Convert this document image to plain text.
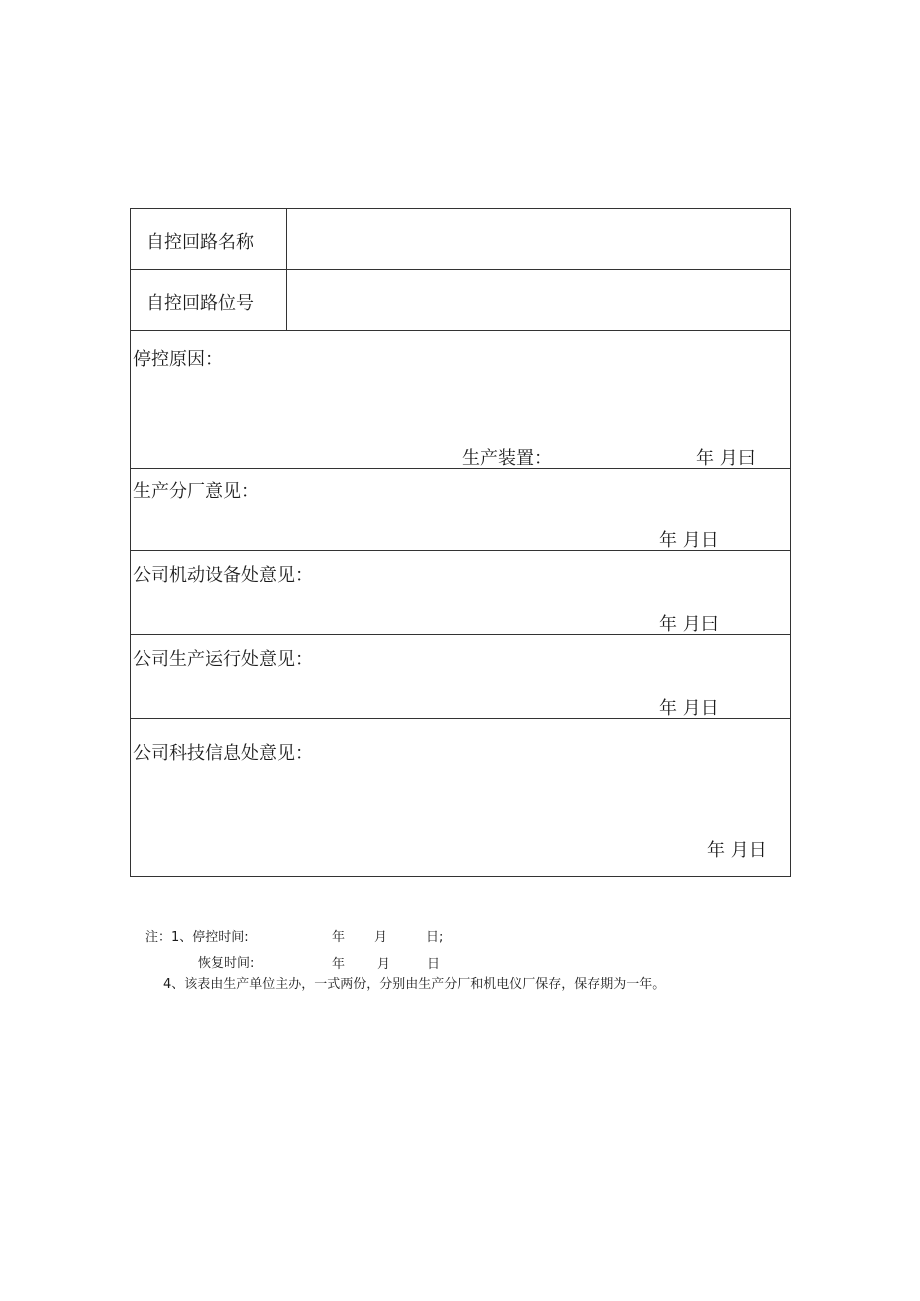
自控回路名称
自控回路位号
停控原因：
生产装置：	年 月曰
生产分厂意见：
年 月日
公司机动设备处意见：
年 月曰
公司生产运行处意见：
年 月日
公司科技信息处意见：
年 月日
注：1、停控时间:	年 月	日;
恢复时间:	年 月	日
4、该表由生产单位主办，一式两份，分别由生产分厂和机电仪厂保存，保存期为一年。
